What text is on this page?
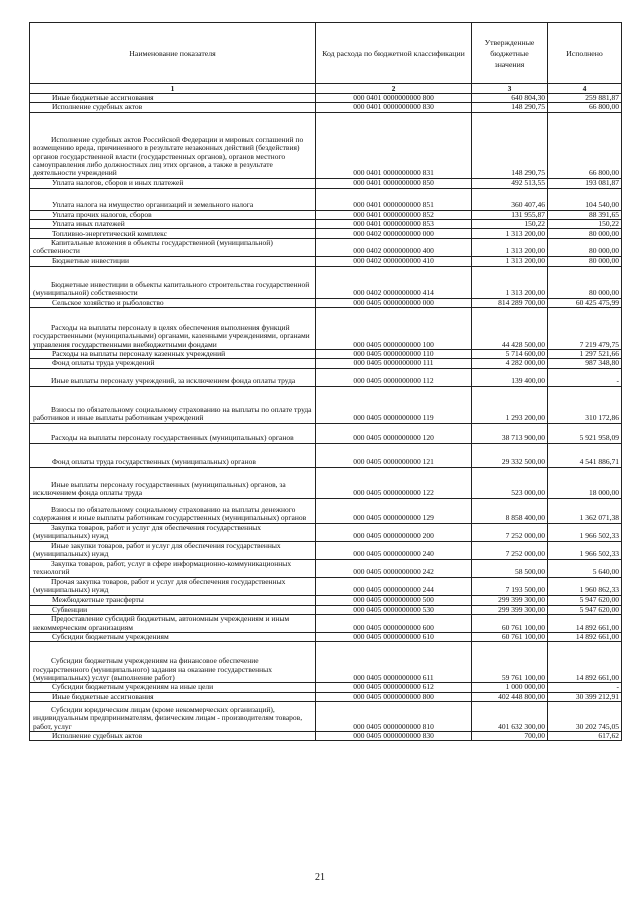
Наименование показателя	Код расхода по бюджетной классификации	Утвержденные бюджетные значения	Исполнено
1	2	3	4
Иные бюджетные ассигнования	000 0401 0000000000 800	640 804,30	259 881,87
Исполнение судебных актов	000 0401 0000000000 830	148 290,75	66 800,00
Исполнение судебных актов Российской Федерации и мировых соглашений по возмещению вреда, причиненного в результате незаконных действий (бездействия) органов государственной власти (государственных органов), органов местного самоуправления либо должностных лиц этих органов, а также в результате деятельности учреждений	000 0401 0000000000 831	148 290,75	66 800,00
Уплата налогов, сборов и иных платежей	000 0401 0000000000 850	492 513,55	193 081,87
Уплата налога на имущество организаций и земельного налога	000 0401 0000000000 851	360 407,46	104 540,00
Уплата прочих налогов, сборов	000 0401 0000000000 852	131 955,87	88 391,65
Уплата иных платежей	000 0401 0000000000 853	150,22	150,22
Топливно-энергетический комплекс	000 0402 0000000000 000	1 313 200,00	80 000,00
Капитальные вложения в объекты государственной (муниципальной) собственности	000 0402 0000000000 400	1 313 200,00	80 000,00
Бюджетные инвестиции	000 0402 0000000000 410	1 313 200,00	80 000,00
Бюджетные инвестиции в объекты капитального строительства государственной (муниципальной) собственности	000 0402 0000000000 414	1 313 200,00	80 000,00
Сельское хозяйство и рыболовство	000 0405 0000000000 000	814 289 700,00	60 425 475,99
Расходы на выплаты персоналу в целях обеспечения выполнения функций государственными (муниципальными) органами, казенными учреждениями, органами управления государственными внебюджетными фондами	000 0405 0000000000 100	44 428 500,00	7 219 479,75
Расходы на выплаты персоналу казенных учреждений	000 0405 0000000000 110	5 714 600,00	1 297 521,66
Фонд оплаты труда учреждений	000 0405 0000000000 111	4 282 000,00	987 348,80
Иные выплаты персоналу учреждений, за исключением фонда оплаты труда	000 0405 0000000000 112	139 400,00	-
Взносы по обязательному социальному страхованию на выплаты по оплате труда работников и иные выплаты работникам учреждений	000 0405 0000000000 119	1 293 200,00	310 172,86
Расходы на выплаты персоналу государственных (муниципальных) органов	000 0405 0000000000 120	38 713 900,00	5 921 958,09
Фонд оплаты труда государственных (муниципальных) органов	000 0405 0000000000 121	29 332 500,00	4 541 886,71
Иные выплаты персоналу государственных (муниципальных) органов, за исключением фонда оплаты труда	000 0405 0000000000 122	523 000,00	18 000,00
Взносы по обязательному социальному страхованию на выплаты денежного содержания и иные выплаты работникам государственных (муниципальных) органов	000 0405 0000000000 129	8 858 400,00	1 362 071,38
Закупка товаров, работ и услуг для обеспечения государственных (муниципальных) нужд	000 0405 0000000000 200	7 252 000,00	1 966 502,33
Иные закупки товаров, работ и услуг для обеспечения государственных (муниципальных) нужд	000 0405 0000000000 240	7 252 000,00	1 966 502,33
Закупка товаров, работ, услуг в сфере информационно-коммуникационных технологий	000 0405 0000000000 242	58 500,00	5 640,00
Прочая закупка товаров, работ и услуг для обеспечения государственных (муниципальных) нужд	000 0405 0000000000 244	7 193 500,00	1 960 862,33
Межбюджетные трансферты	000 0405 0000000000 500	299 399 300,00	5 947 620,00
Субвенции	000 0405 0000000000 530	299 399 300,00	5 947 620,00
Предоставление субсидий бюджетным, автономным учреждениям и иным некоммерческим организациям	000 0405 0000000000 600	60 761 100,00	14 892 661,00
Субсидии бюджетным учреждениям	000 0405 0000000000 610	60 761 100,00	14 892 661,00
Субсидии бюджетным учреждениям на финансовое обеспечение государственного (муниципального) задания на оказание государственных (муниципальных) услуг (выполнение работ)	000 0405 0000000000 611	59 761 100,00	14 892 661,00
Субсидии бюджетным учреждениям на иные цели	000 0405 0000000000 612	1 000 000,00	-
Иные бюджетные ассигнования	000 0405 0000000000 800	402 448 800,00	30 399 212,91
Субсидии юридическим лицам (кроме некоммерческих организаций), индивидуальным предпринимателям, физическим лицам - производителям товаров, работ, услуг	000 0405 0000000000 810	401 632 300,00	30 202 745,05
Исполнение судебных актов	000 0405 0000000000 830	700,00	617,62
21
